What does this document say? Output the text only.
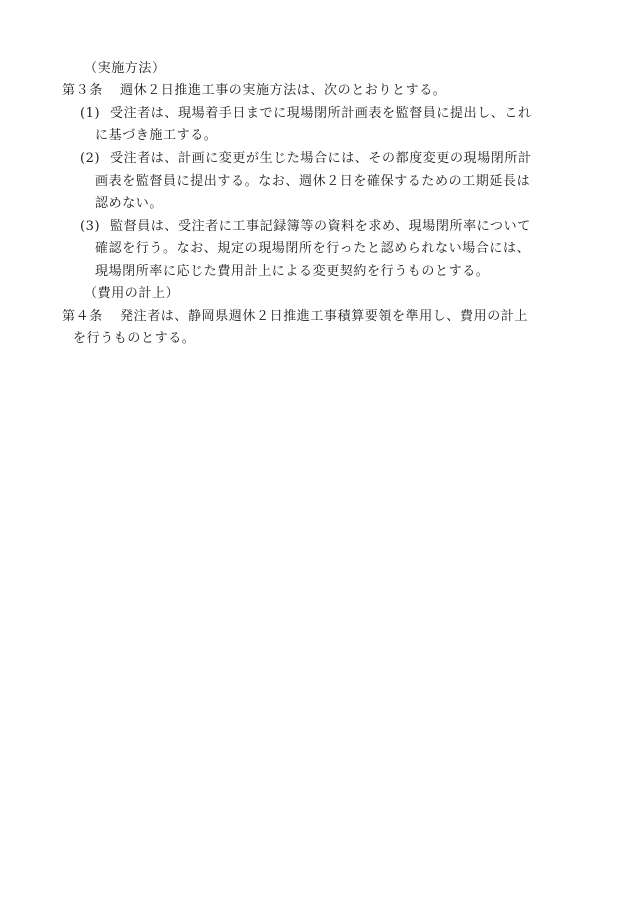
（実施方法）
第３条 週休２日推進工事の実施方法は、次のとおりとする。
(1) 受注者は、現場着手日までに現場閉所計画表を監督員に提出し、これ
に基づき施工する。
(2) 受注者は、計画に変更が生じた場合には、その都度変更の現場閉所計
画表を監督員に提出する。なお、週休２日を確保するための工期延長は
認めない。
(3) 監督員は、受注者に工事記録簿等の資料を求め、現場閉所率について
確認を行う。なお、規定の現場閉所を行ったと認められない場合には、
現場閉所率に応じた費用計上による変更契約を行うものとする。
（費用の計上）
第４条 発注者は、静岡県週休２日推進工事積算要領を準用し、費用の計上
を行うものとする。
